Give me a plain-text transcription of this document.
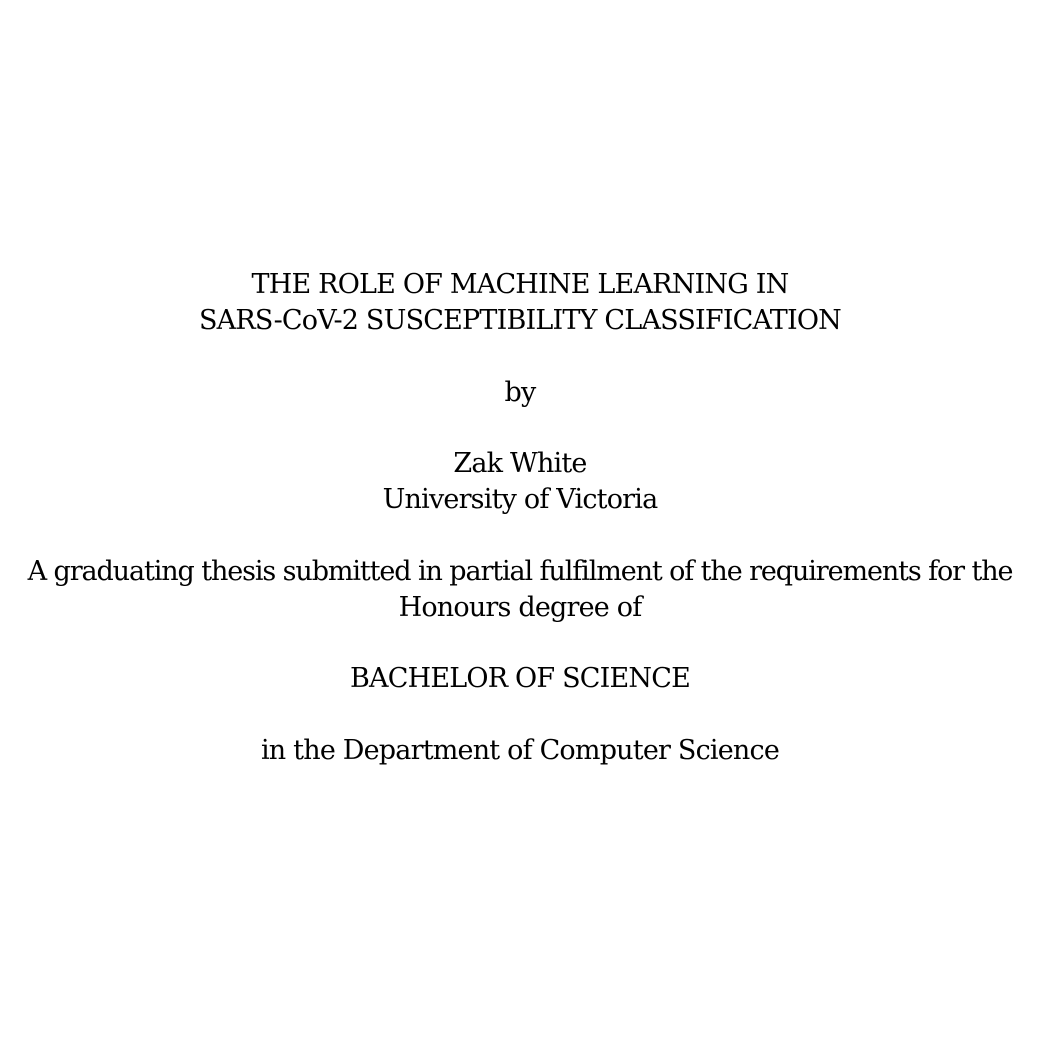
THE ROLE OF MACHINE LEARNING IN
SARS-CoV-2 SUSCEPTIBILITY CLASSIFICATION
by
Zak White
University of Victoria
A graduating thesis submitted in partial fulfilment of the requirements for the
Honours degree of
BACHELOR OF SCIENCE
in the Department of Computer Science
